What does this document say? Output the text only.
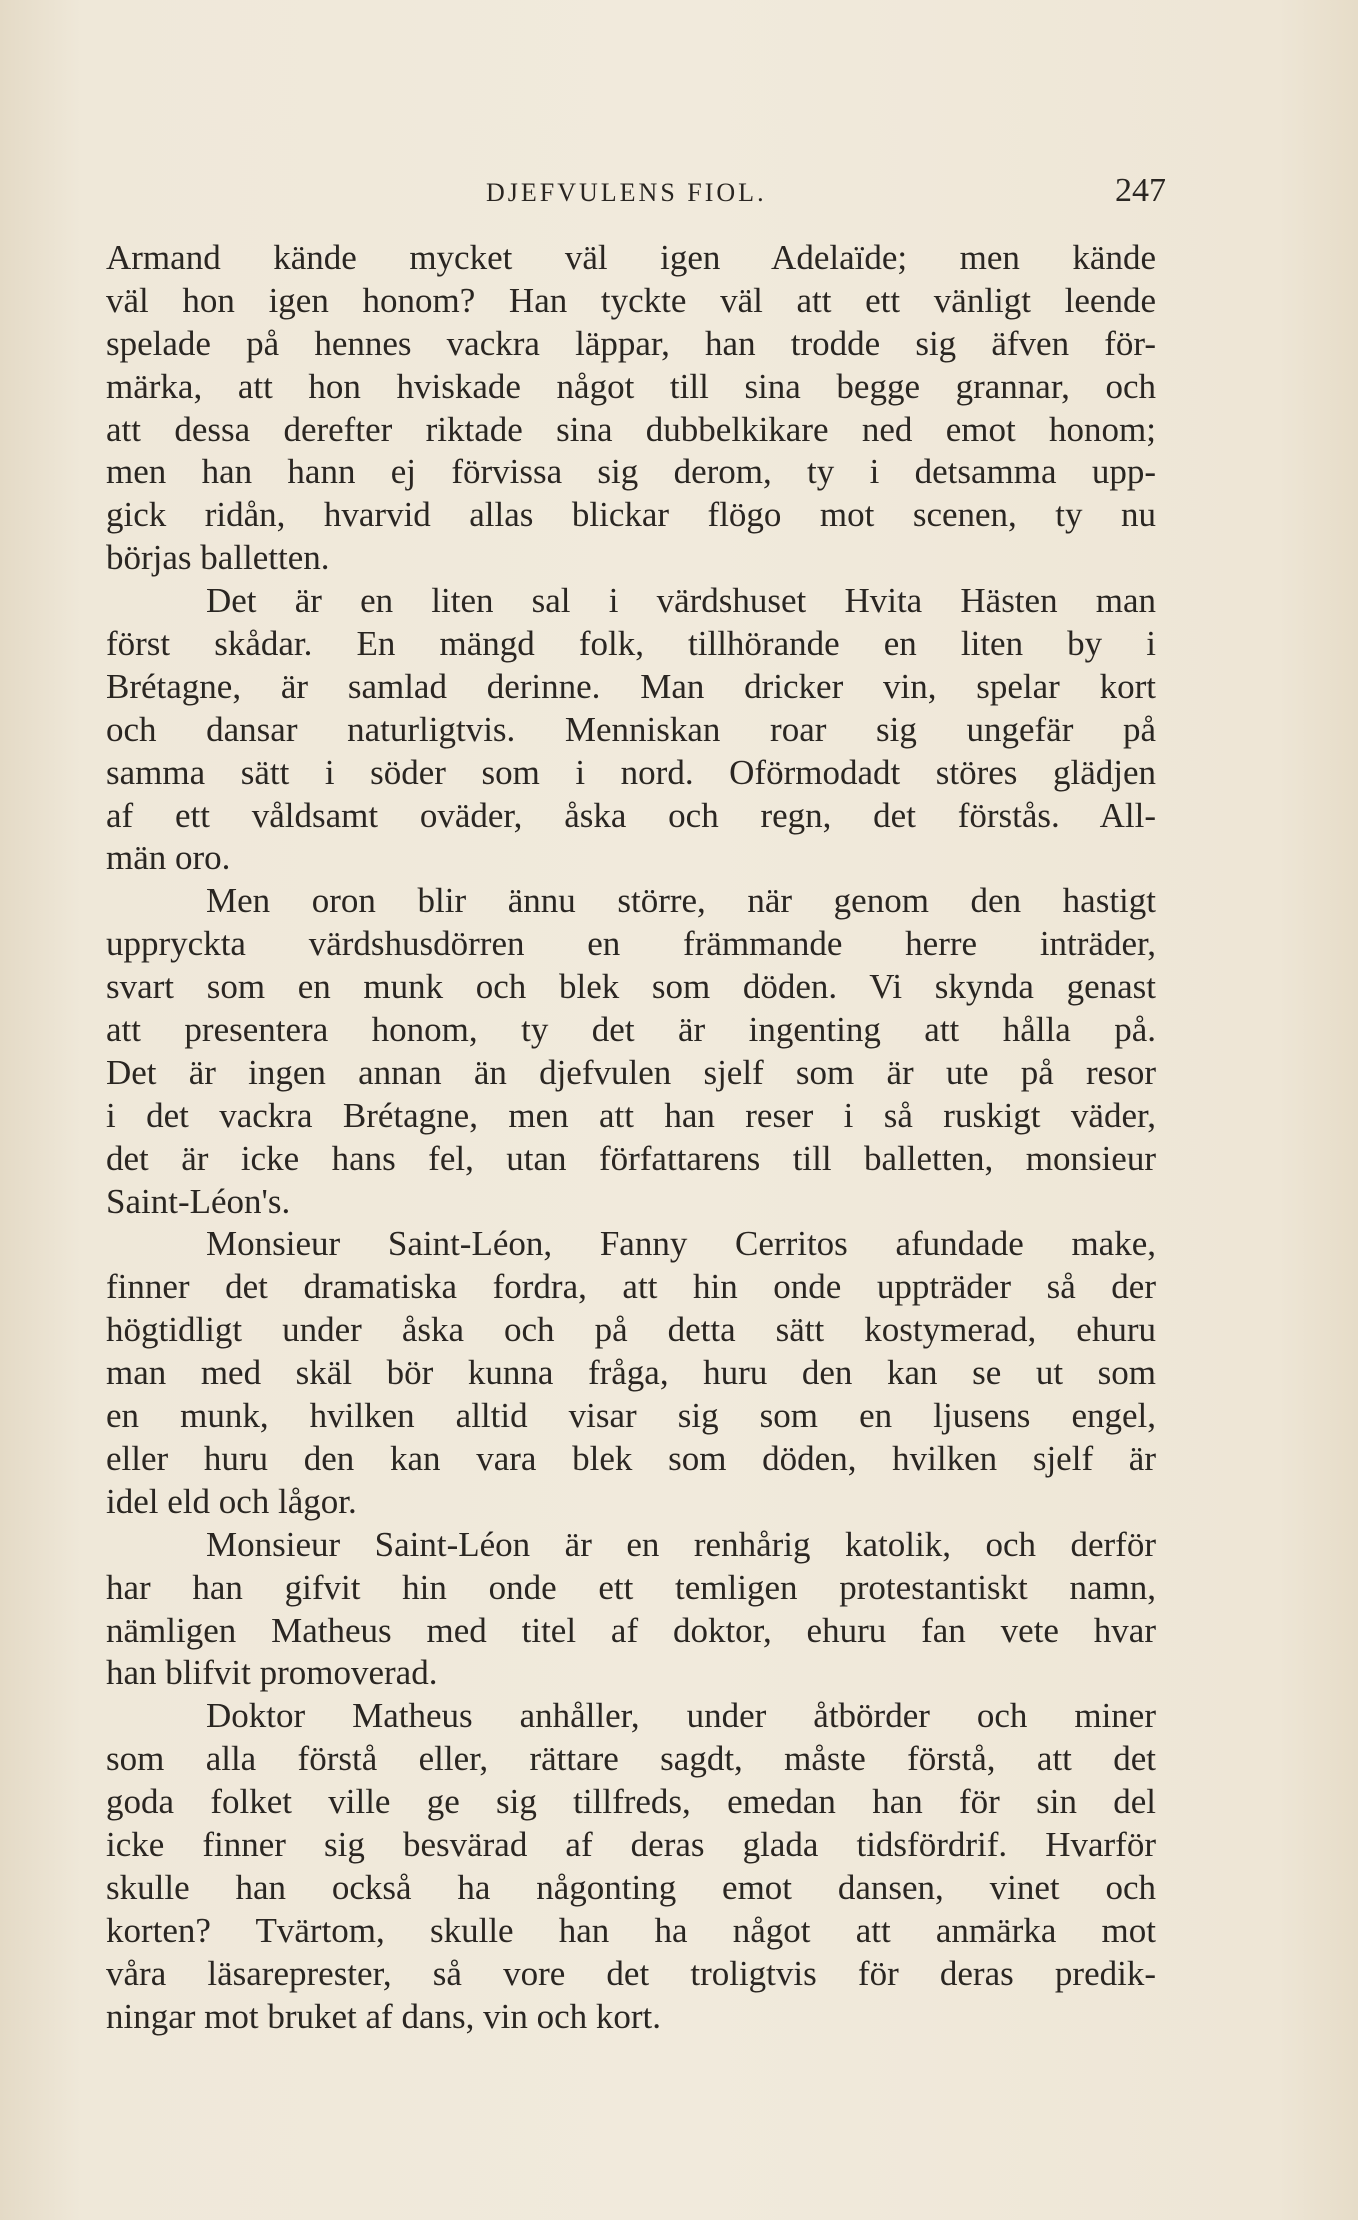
DJEFVULENS FIOL.	247
Armand kände mycket väl igen Adelaïde; men kände
väl hon igen honom? Han tyckte väl att ett vänligt leende
spelade på hennes vackra läppar, han trodde sig äfven för-
märka, att hon hviskade något till sina begge grannar, och
att dessa derefter riktade sina dubbelkikare ned emot honom;
men han hann ej förvissa sig derom, ty i detsamma upp-
gick ridån, hvarvid allas blickar flögo mot scenen, ty nu
börjas balletten.
Det är en liten sal i värdshuset Hvita Hästen man
först skådar. En mängd folk, tillhörande en liten by i
Brétagne, är samlad derinne. Man dricker vin, spelar kort
och dansar naturligtvis. Menniskan roar sig ungefär på
samma sätt i söder som i nord. Oförmodadt störes glädjen
af ett våldsamt oväder, åska och regn, det förstås. All-
män oro.
Men oron blir ännu större, när genom den hastigt
uppryckta värdshusdörren en främmande herre inträder,
svart som en munk och blek som döden. Vi skynda genast
att presentera honom, ty det är ingenting att hålla på.
Det är ingen annan än djefvulen sjelf som är ute på resor
i det vackra Brétagne, men att han reser i så ruskigt väder,
det är icke hans fel, utan författarens till balletten, monsieur
Saint-Léon's.
Monsieur Saint-Léon, Fanny Cerritos afundade make,
finner det dramatiska fordra, att hin onde uppträder så der
högtidligt under åska och på detta sätt kostymerad, ehuru
man med skäl bör kunna fråga, huru den kan se ut som
en munk, hvilken alltid visar sig som en ljusens engel,
eller huru den kan vara blek som döden, hvilken sjelf är
idel eld och lågor.
Monsieur Saint-Léon är en renhårig katolik, och derför
har han gifvit hin onde ett temligen protestantiskt namn,
nämligen Matheus med titel af doktor, ehuru fan vete hvar
han blifvit promoverad.
Doktor Matheus anhåller, under åtbörder och miner
som alla förstå eller, rättare sagdt, måste förstå, att det
goda folket ville ge sig tillfreds, emedan han för sin del
icke finner sig besvärad af deras glada tidsfördrif. Hvarför
skulle han också ha någonting emot dansen, vinet och
korten? Tvärtom, skulle han ha något att anmärka mot
våra läsareprester, så vore det troligtvis för deras predik-
ningar mot bruket af dans, vin och kort.
